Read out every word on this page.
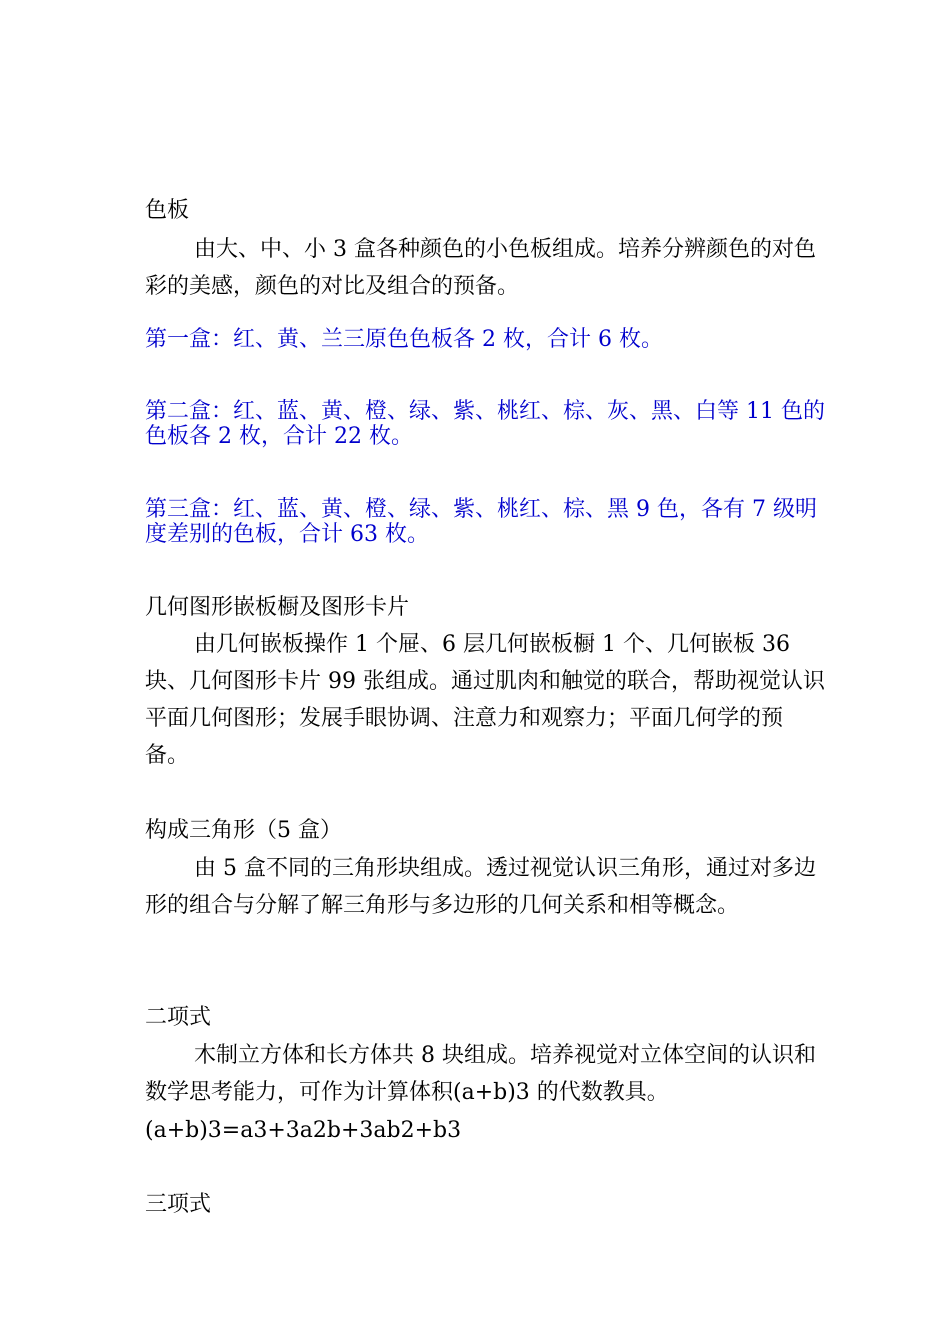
色板

由大、中、小 3 盒各种颜色的小色板组成。培养分辨颜色的对色彩的美感，颜色的对比及组合的预备。

第一盒：红、黄、兰三原色色板各 2 枚，合计 6 枚。

第二盒：红、蓝、黄、橙、绿、紫、桃红、棕、灰、黑、白等 11 色的色板各 2 枚，合计 22 枚。

第三盒：红、蓝、黄、橙、绿、紫、桃红、棕、黑 9 色，各有 7 级明度差别的色板，合计 63 枚。

几何图形嵌板橱及图形卡片

由几何嵌板操作 1 个屉、6 层几何嵌板橱 1 个、几何嵌板 36 块、几何图形卡片 99 张组成。通过肌肉和触觉的联合，帮助视觉认识平面几何图形；发展手眼协调、注意力和观察力；平面几何学的预备。

构成三角形（5 盒）

由 5 盒不同的三角形块组成。透过视觉认识三角形，通过对多边形的组合与分解了解三角形与多边形的几何关系和相等概念。

二项式

木制立方体和长方体共 8 块组成。培养视觉对立体空间的认识和数学思考能力，可作为计算体积(a+b)3 的代数教具。

(a+b)3=a3+3a2b+3ab2+b3

三项式
